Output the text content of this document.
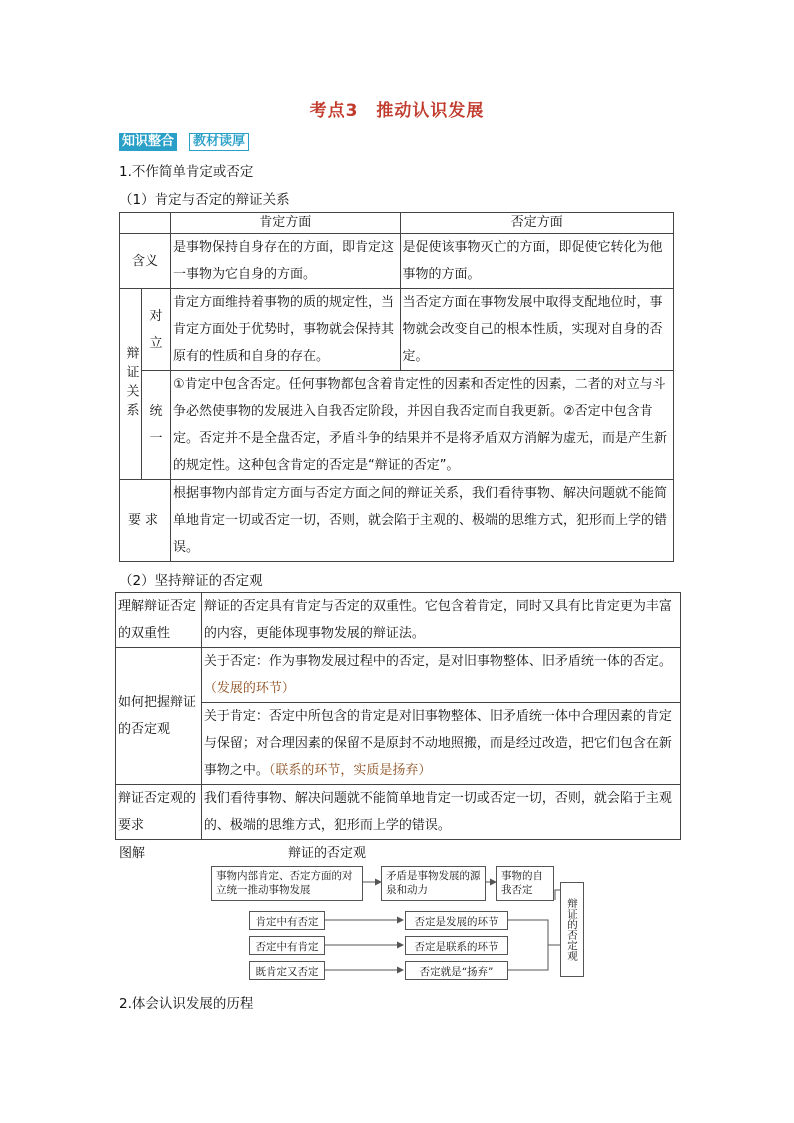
考点3　推动认识发展
知识整合	教材读厚
1.不作简单肯定或否定
（1）肯定与否定的辩证关系
		肯定方面	否定方面
含义		是事物保持自身存在的方面，即肯定这一事物为它自身的方面。	是促使该事物灭亡的方面，即促使它转化为他事物的方面。
辩证关系	对立	肯定方面维持着事物的质的规定性，当肯定方面处于优势时，事物就会保持其原有的性质和自身的存在。	当否定方面在事物发展中取得支配地位时，事物就会改变自己的根本性质，实现对自身的否定。
	统一	①肯定中包含否定。任何事物都包含着肯定性的因素和否定性的因素，二者的对立与斗争必然使事物的发展进入自我否定阶段，并因自我否定而自我更新。②否定中包含肯定。否定并不是全盘否定，矛盾斗争的结果并不是将矛盾双方消解为虚无，而是产生新的规定性。这种包含肯定的否定是“辩证的否定”。	
要求		根据事物内部肯定方面与否定方面之间的辩证关系，我们看待事物、解决问题就不能简单地肯定一切或否定一切，否则，就会陷于主观的、极端的思维方式，犯形而上学的错误。	
（2）坚持辩证的否定观
理解辩证否定的双重性	辩证的否定具有肯定与否定的双重性。它包含着肯定，同时又具有比肯定更为丰富的内容，更能体现事物发展的辩证法。
如何把握辩证的否定观	关于否定：作为事物发展过程中的否定，是对旧事物整体、旧矛盾统一体的否定。（发展的环节）
	关于肯定：否定中所包含的肯定是对旧事物整体、旧矛盾统一体中合理因素的肯定与保留；对合理因素的保留不是原封不动地照搬，而是经过改造，把它们包含在新事物之中。（联系的环节，实质是扬弃）
辩证否定观的要求	我们看待事物、解决问题就不能简单地肯定一切或否定一切，否则，就会陷于主观的、极端的思维方式，犯形而上学的错误。
图解	辩证的否定观
事物内部肯定、否定方面的对立统一推动事物发展
矛盾是事物发展的源泉和动力
事物的自我否定
肯定中有否定
否定中有肯定
既肯定又否定
否定是发展的环节
否定是联系的环节
否定就是“扬弃”
辩证的否定观
2.体会认识发展的历程
